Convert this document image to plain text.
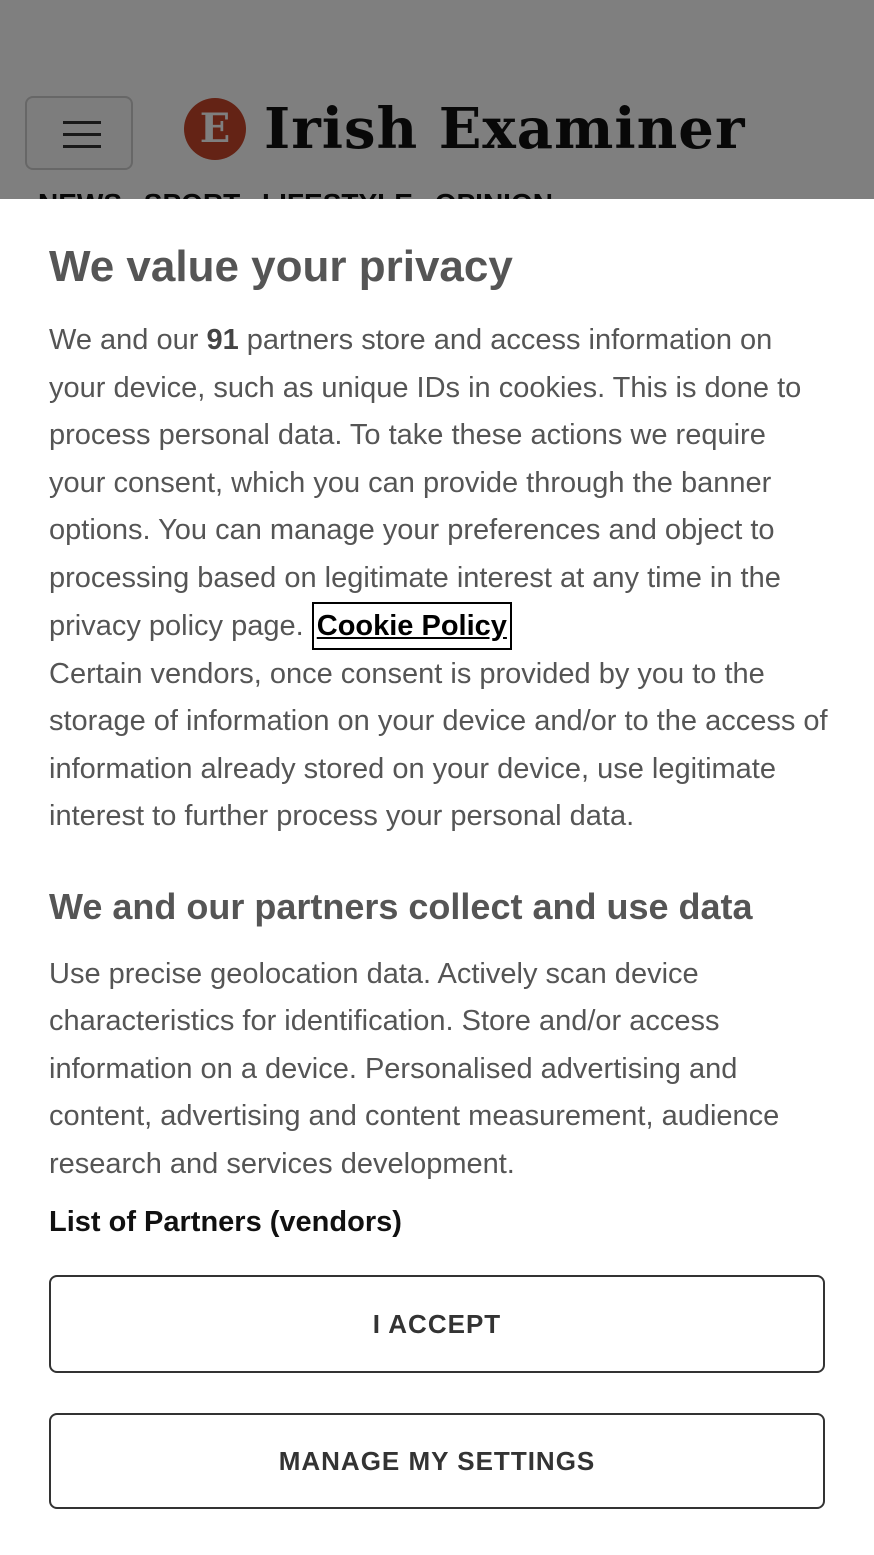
We value your privacy

We and our 91 partners store and access information on your device, such as unique IDs in cookies. This is done to process personal data. To take these actions we require your consent, which you can provide through the banner options. You can manage your preferences and object to processing based on legitimate interest at any time in the privacy policy page. Cookie Policy
Certain vendors, once consent is provided by you to the storage of information on your device and/or to the access of information already stored on your device, use legitimate interest to further process your personal data.

We and our partners collect and use data

Use precise geolocation data. Actively scan device characteristics for identification. Store and/or access information on a device. Personalised advertising and content, advertising and content measurement, audience research and services development.

List of Partners (vendors)
I ACCEPT
MANAGE MY SETTINGS
